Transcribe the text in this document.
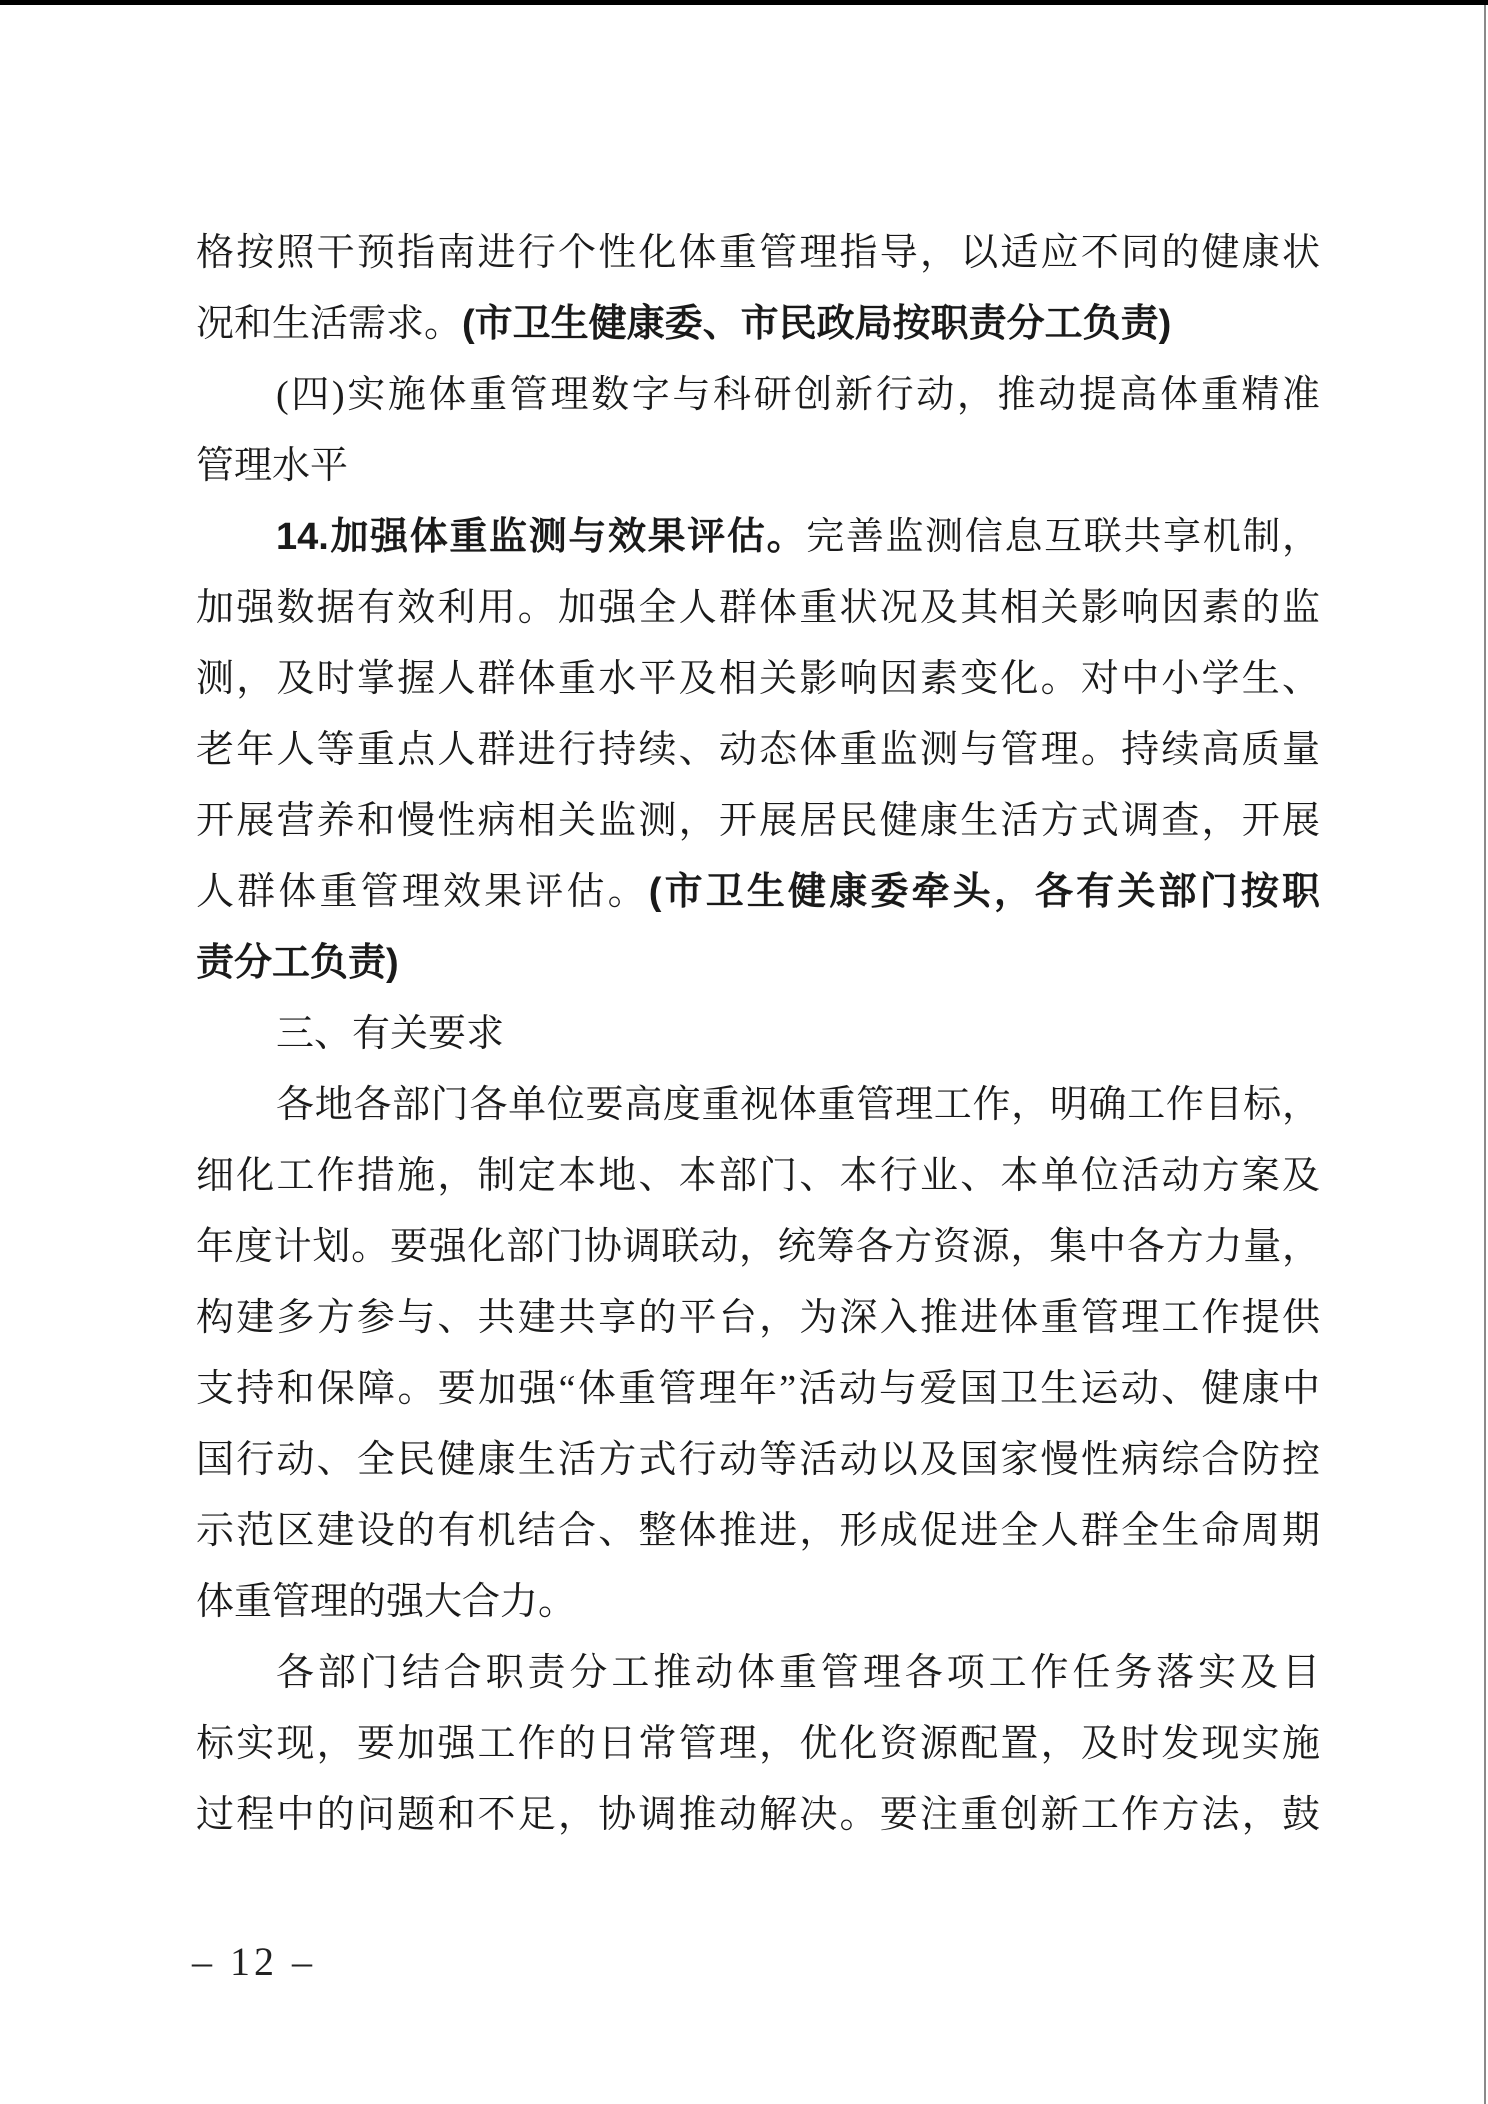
格按照干预指南进行个性化体重管理指导，以适应不同的健康状
况和生活需求。(市卫生健康委、市民政局按职责分工负责)
(四)实施体重管理数字与科研创新行动，推动提高体重精准
管理水平
14.加强体重监测与效果评估。完善监测信息互联共享机制，
加强数据有效利用。加强全人群体重状况及其相关影响因素的监
测，及时掌握人群体重水平及相关影响因素变化。对中小学生、
老年人等重点人群进行持续、动态体重监测与管理。持续高质量
开展营养和慢性病相关监测，开展居民健康生活方式调查，开展
人群体重管理效果评估。(市卫生健康委牵头，各有关部门按职
责分工负责)
三、有关要求
各地各部门各单位要高度重视体重管理工作，明确工作目标，
细化工作措施，制定本地、本部门、本行业、本单位活动方案及
年度计划。要强化部门协调联动，统筹各方资源，集中各方力量，
构建多方参与、共建共享的平台，为深入推进体重管理工作提供
支持和保障。要加强“体重管理年”活动与爱国卫生运动、健康中
国行动、全民健康生活方式行动等活动以及国家慢性病综合防控
示范区建设的有机结合、整体推进，形成促进全人群全生命周期
体重管理的强大合力。
各部门结合职责分工推动体重管理各项工作任务落实及目
标实现，要加强工作的日常管理，优化资源配置，及时发现实施
过程中的问题和不足，协调推动解决。要注重创新工作方法，鼓
– 12 –
